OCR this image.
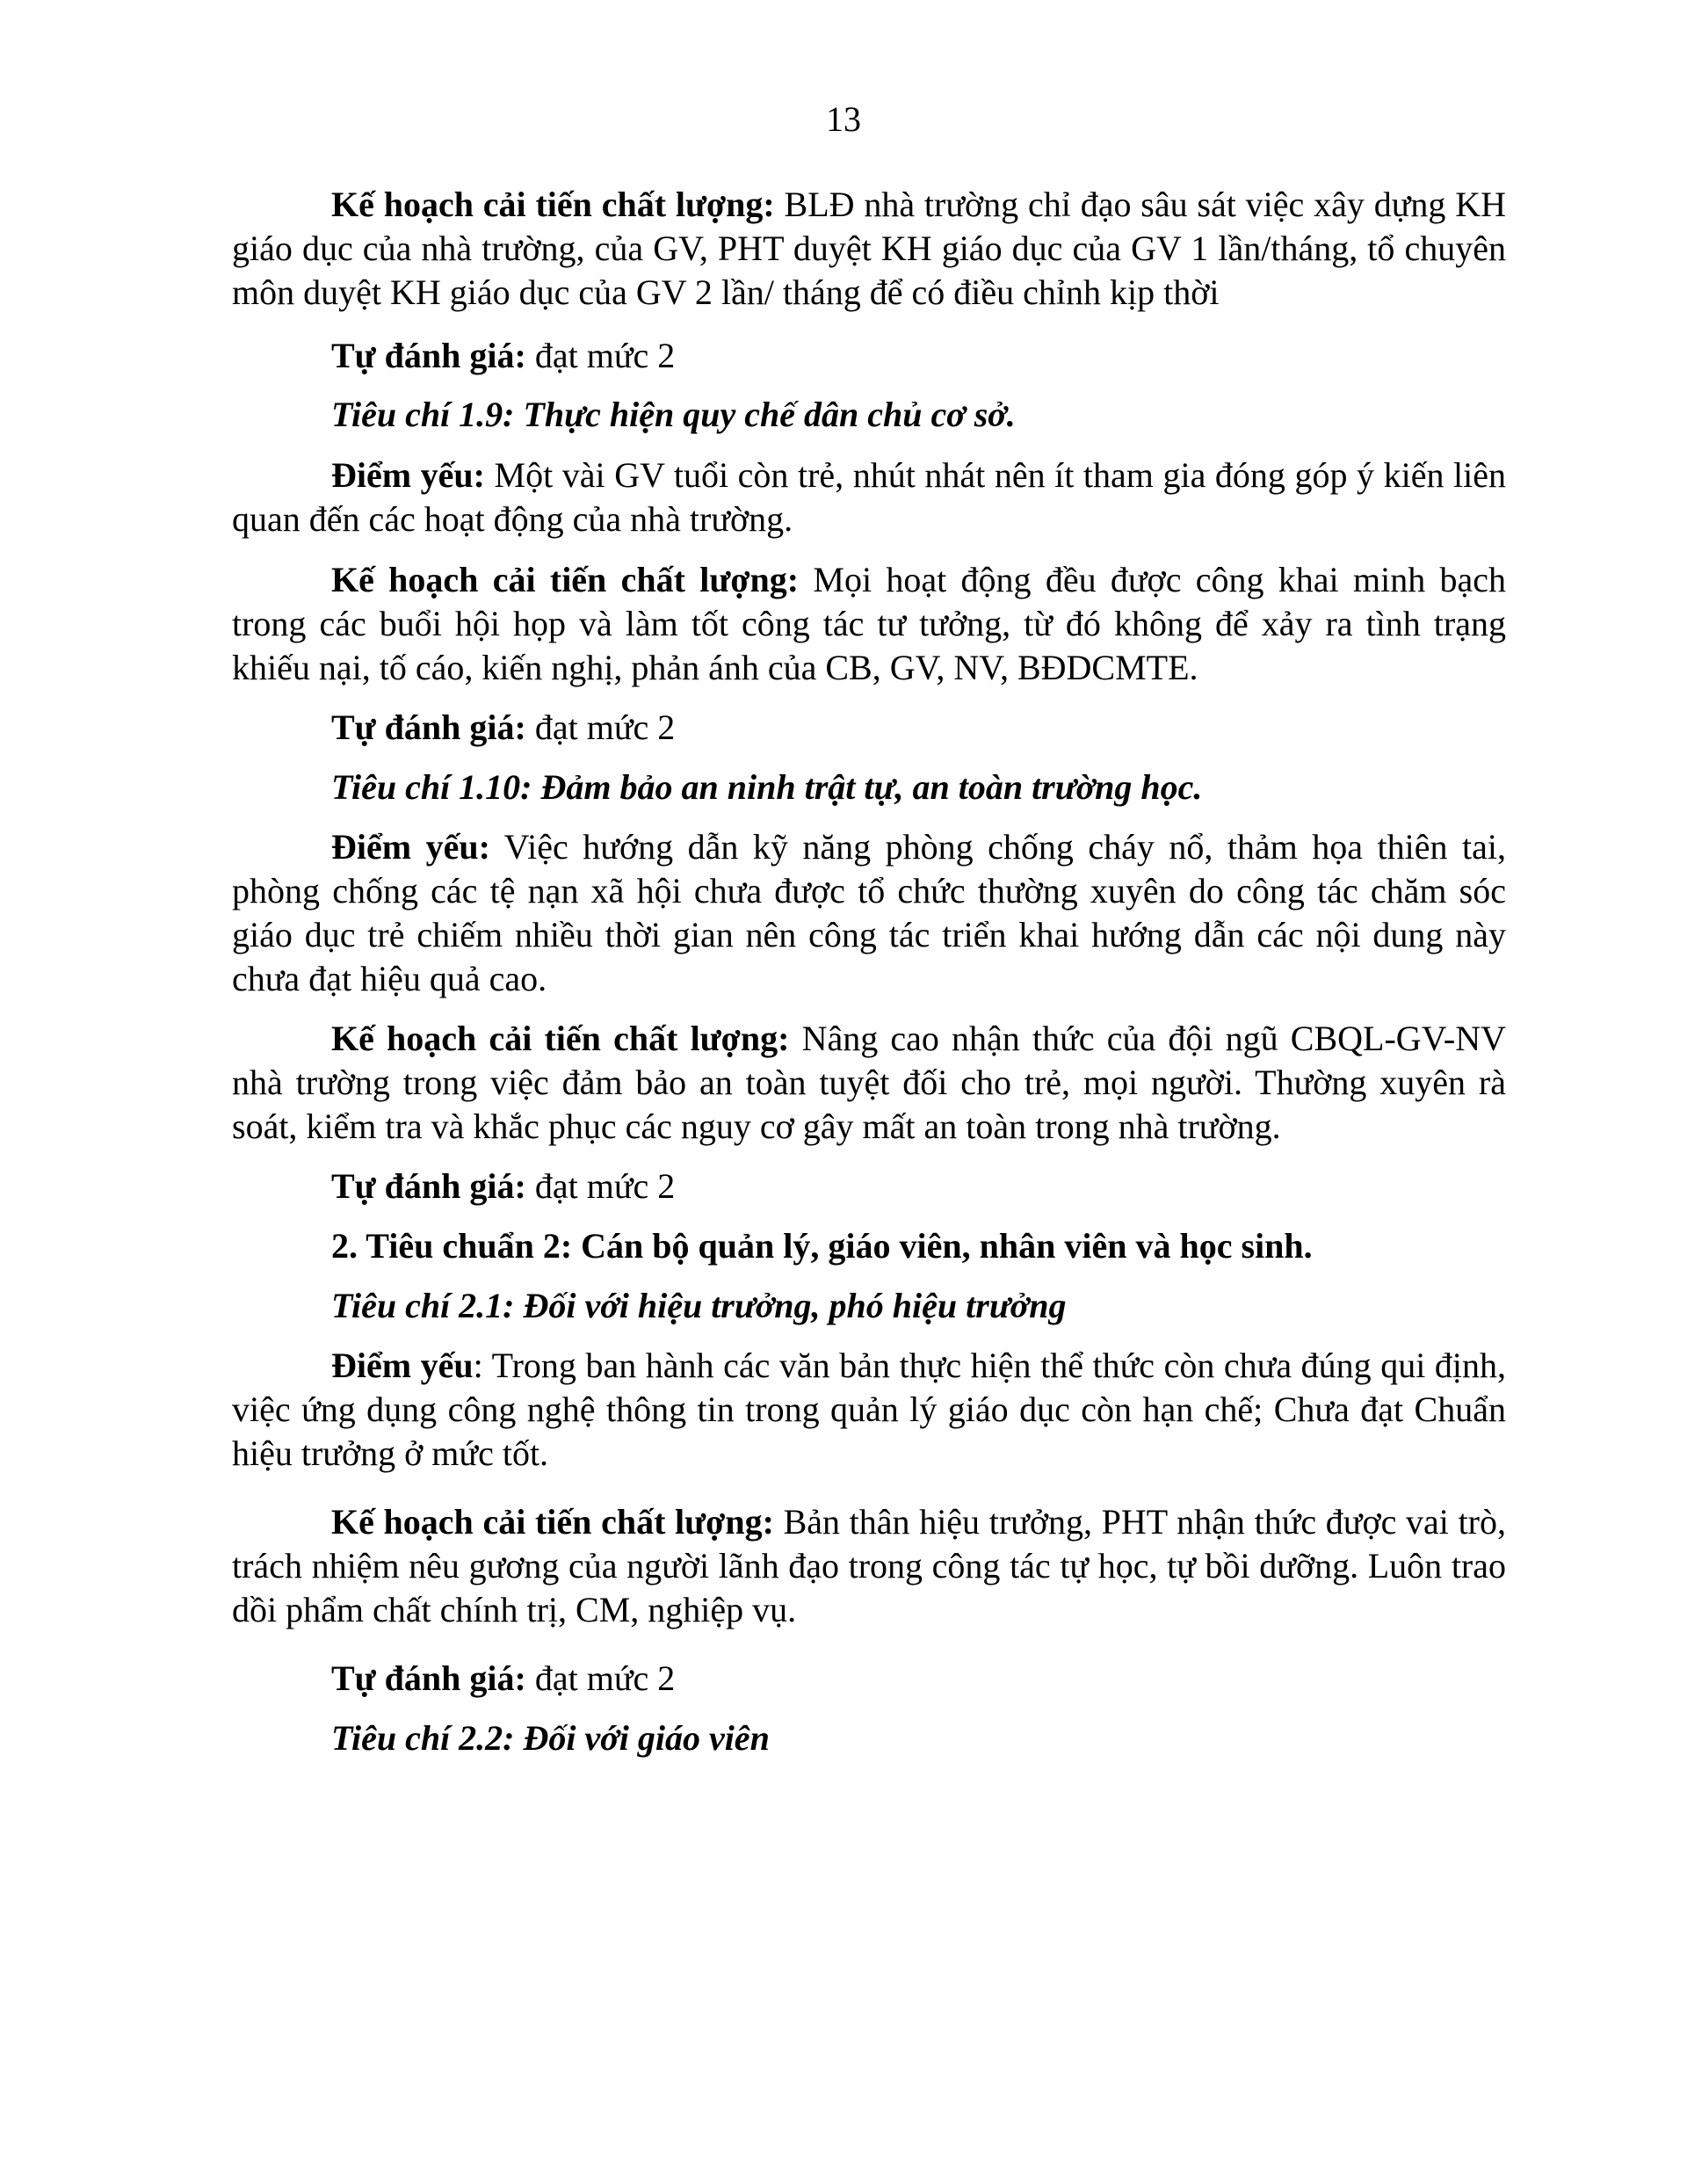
13

Kế hoạch cải tiến chất lượng: BLĐ nhà trường chỉ đạo sâu sát việc xây dựng KH giáo dục của nhà trường, của GV, PHT duyệt KH giáo dục của GV 1 lần/tháng, tổ chuyên môn duyệt KH giáo dục của GV 2 lần/ tháng để có điều chỉnh kịp thời

Tự đánh giá: đạt mức 2

Tiêu chí 1.9: Thực hiện quy chế dân chủ cơ sở.

Điểm yếu: Một vài GV tuổi còn trẻ, nhút nhát nên ít tham gia đóng góp ý kiến liên quan đến các hoạt động của nhà trường.

Kế hoạch cải tiến chất lượng: Mọi hoạt động đều được công khai minh bạch trong các buổi hội họp và làm tốt công tác tư tưởng, từ đó không để xảy ra tình trạng khiếu nại, tố cáo, kiến nghị, phản ánh của CB, GV, NV, BĐDCMTE.

Tự đánh giá: đạt mức 2

Tiêu chí 1.10: Đảm bảo an ninh trật tự, an toàn trường học.

Điểm yếu: Việc hướng dẫn kỹ năng phòng chống cháy nổ, thảm họa thiên tai, phòng chống các tệ nạn xã hội chưa được tổ chức thường xuyên do công tác chăm sóc giáo dục trẻ chiếm nhiều thời gian nên công tác triển khai hướng dẫn các nội dung này chưa đạt hiệu quả cao.

Kế hoạch cải tiến chất lượng: Nâng cao nhận thức của đội ngũ CBQL-GV-NV nhà trường trong việc đảm bảo an toàn tuyệt đối cho trẻ, mọi người. Thường xuyên rà soát, kiểm tra và khắc phục các nguy cơ gây mất an toàn trong nhà trường.

Tự đánh giá: đạt mức 2

2. Tiêu chuẩn 2: Cán bộ quản lý, giáo viên, nhân viên và học sinh.

Tiêu chí 2.1: Đối với hiệu trưởng, phó hiệu trưởng

Điểm yếu: Trong ban hành các văn bản thực hiện thể thức còn chưa đúng qui định, việc ứng dụng công nghệ thông tin trong quản lý giáo dục còn hạn chế; Chưa đạt Chuẩn hiệu trưởng ở mức tốt.

Kế hoạch cải tiến chất lượng: Bản thân hiệu trưởng, PHT nhận thức được vai trò, trách nhiệm nêu gương của người lãnh đạo trong công tác tự học, tự bồi dưỡng. Luôn trao dồi phẩm chất chính trị, CM, nghiệp vụ.

Tự đánh giá: đạt mức 2

Tiêu chí 2.2: Đối với giáo viên
